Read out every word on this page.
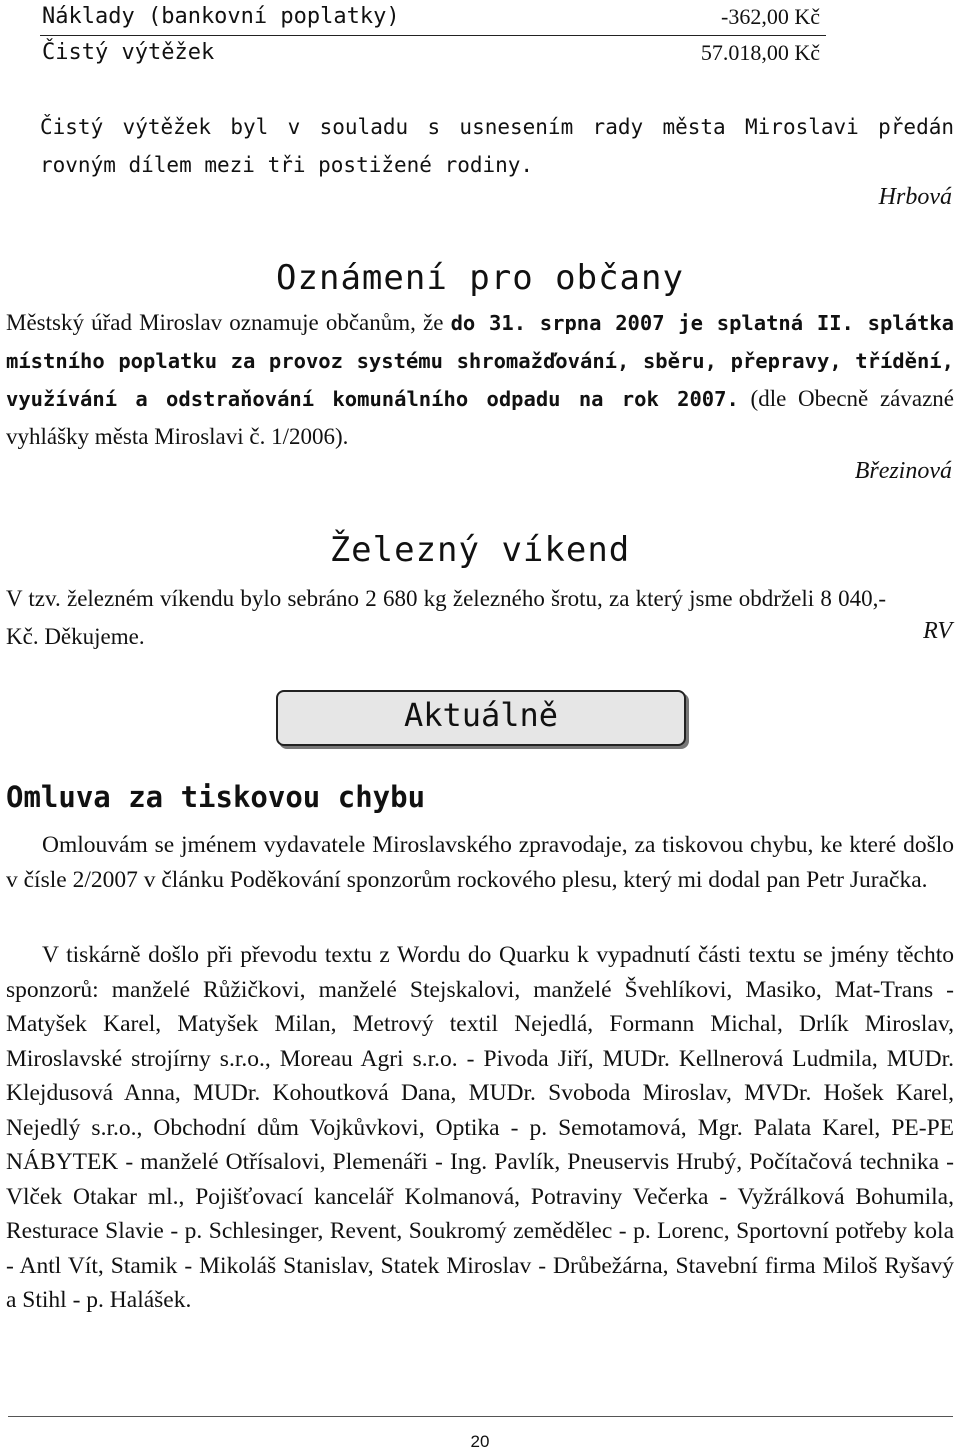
Náklady (bankovní poplatky)	-362,00 Kč
Čistý výtěžek	57.018,00 Kč
Čistý výtěžek byl v souladu s usnesením rady města Miroslavi předán rovným dílem mezi tři postižené rodiny.
Hrbová
Oznámení pro občany
Městský úřad Miroslav oznamuje občanům, že do 31. srpna 2007 je splatná II. splátka místního poplatku za provoz systému shromažďování, sběru, přepravy, třídění, využívání a odstraňování komunálního odpadu na rok 2007. (dle Obecně závazné vyhlášky města Miroslavi č. 1/2006).
Březinová
Železný víkend
V tzv. železném víkendu bylo sebráno 2 680 kg železného šrotu, za který jsme obdrželi 8 040,- Kč. Děkujeme.	RV
Aktuálně
Omluva za tiskovou chybu
Omlouvám se jménem vydavatele Miroslavského zpravodaje, za tiskovou chybu, ke které došlo v čísle 2/2007 v článku Poděkování sponzorům rockového plesu, který mi dodal pan Petr Juračka.
V tiskárně došlo při převodu textu z Wordu do Quarku k vypadnutí části textu se jmény těchto sponzorů: manželé Růžičkovi, manželé Stejskalovi, manželé Švehlíkovi, Masiko, Mat-Trans - Matyšek Karel, Matyšek Milan, Metrový textil Nejedlá, Formann Michal, Drlík Miroslav, Miroslavské strojírny s.r.o., Moreau Agri s.r.o. - Pivoda Jiří, MUDr. Kellnerová Ludmila, MUDr. Klejdusová Anna, MUDr. Kohoutková Dana, MUDr. Svoboda Miroslav, MVDr. Hošek Karel, Nejedlý s.r.o., Obchodní dům Vojkůvkovi, Optika - p. Semotamová, Mgr. Palata Karel, PE-PE NÁBYTEK - manželé Otřísalovi, Plemenáři - Ing. Pavlík, Pneuservis Hrubý, Počítačová technika - Vlček Otakar ml., Pojišťovací kancelář Kolmanová, Potraviny Večerka - Vyžrálková Bohumila, Resturace Slavie - p. Schlesinger, Revent, Soukromý zemědělec - p. Lorenc, Sportovní potřeby kola - Antl Vít, Stamik - Mikoláš Stanislav, Statek Miroslav - Drůbežárna, Stavební firma Miloš Ryšavý a Stihl - p. Halášek.
20
